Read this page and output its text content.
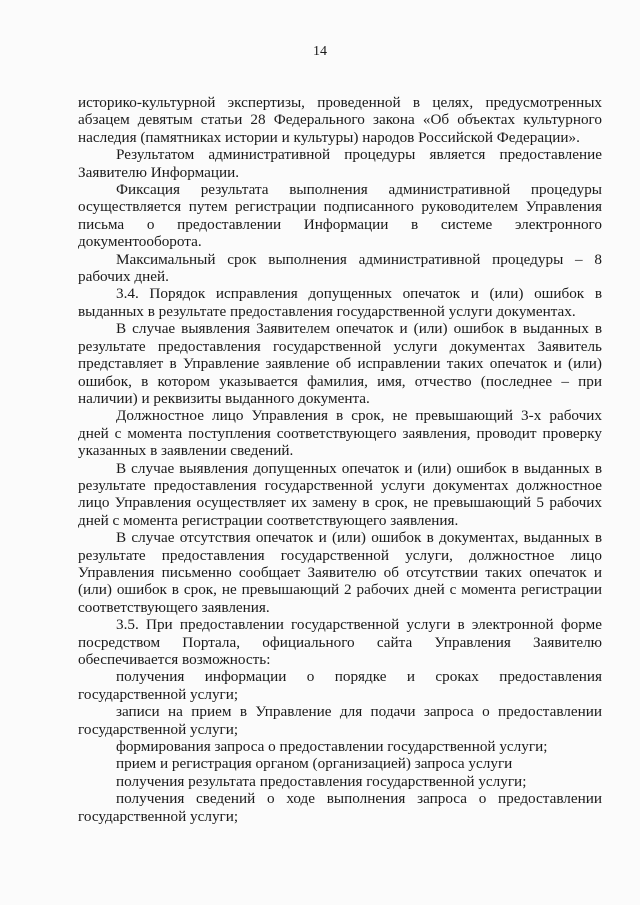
14

историко-культурной экспертизы, проведенной в целях, предусмотренных абзацем девятым статьи 28 Федерального закона «Об объектах культурного наследия (памятниках истории и культуры) народов Российской Федерации».

Результатом административной процедуры является предоставление Заявителю Информации.

Фиксация результата выполнения административной процедуры осуществляется путем регистрации подписанного руководителем Управления письма о предоставлении Информации в системе электронного документооборота.

Максимальный срок выполнения административной процедуры – 8 рабочих дней.

3.4. Порядок исправления допущенных опечаток и (или) ошибок в выданных в результате предоставления государственной услуги документах.

В случае выявления Заявителем опечаток и (или) ошибок в выданных в результате предоставления государственной услуги документах Заявитель представляет в Управление заявление об исправлении таких опечаток и (или) ошибок, в котором указывается фамилия, имя, отчество (последнее – при наличии) и реквизиты выданного документа.

Должностное лицо Управления в срок, не превышающий 3-х рабочих дней с момента поступления соответствующего заявления, проводит проверку указанных в заявлении сведений.

В случае выявления допущенных опечаток и (или) ошибок в выданных в результате предоставления государственной услуги документах должностное лицо Управления осуществляет их замену в срок, не превышающий 5 рабочих дней с момента регистрации соответствующего заявления.

В случае отсутствия опечаток и (или) ошибок в документах, выданных в результате предоставления государственной услуги, должностное лицо Управления письменно сообщает Заявителю об отсутствии таких опечаток и (или) ошибок в срок, не превышающий 2 рабочих дней с момента регистрации соответствующего заявления.

3.5. При предоставлении государственной услуги в электронной форме посредством Портала, официального сайта Управления Заявителю обеспечивается возможность:

получения информации о порядке и сроках предоставления государственной услуги;

записи на прием в Управление для подачи запроса о предоставлении государственной услуги;

формирования запроса о предоставлении государственной услуги;

прием и регистрация органом (организацией) запроса услуги

получения результата предоставления государственной услуги;

получения сведений о ходе выполнения запроса о предоставлении государственной услуги;
